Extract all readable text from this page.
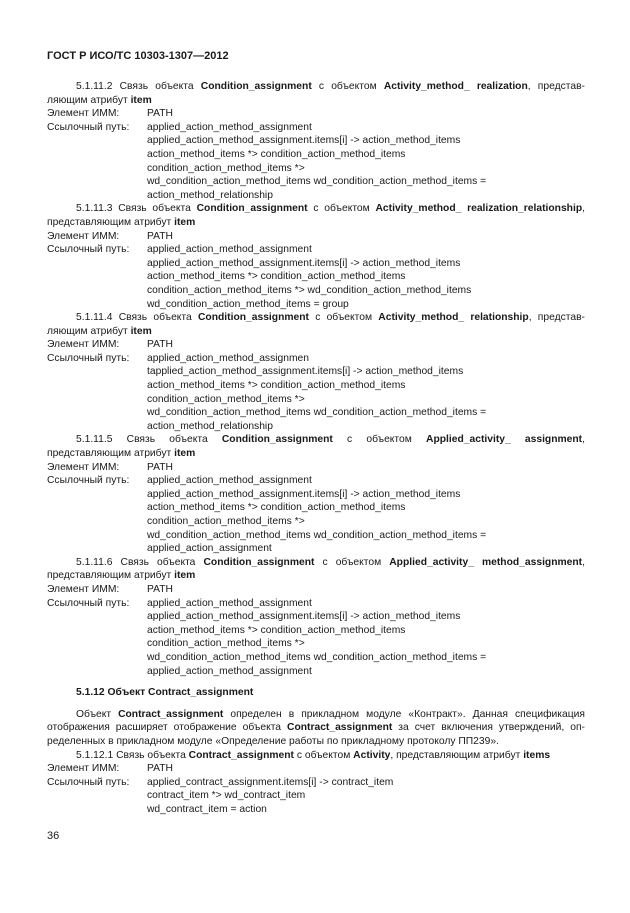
ГОСТ Р ИСО/ТС 10303-1307—2012

5.1.11.2 Связь объекта Condition_assignment с объектом Activity_method_ realization, представ-ляющим атрибут item

Элемент ИММ:	PATH
Ссылочный путь:	applied_action_method_assignment
applied_action_method_assignment.items[i] -> action_method_items
action_method_items *> condition_action_method_items
condition_action_method_items *>
wd_condition_action_method_items wd_condition_action_method_items =
action_method_relationship

5.1.11.3 Связь объекта Condition_assignment с объектом Activity_method_ realization_relationship, представляющим атрибут item

Элемент ИММ:	PATH
Ссылочный путь:	applied_action_method_assignment
applied_action_method_assignment.items[i] -> action_method_items
action_method_items *> condition_action_method_items
condition_action_method_items *> wd_condition_action_method_items
wd_condition_action_method_items = group

5.1.11.4 Связь объекта Condition_assignment с объектом Activity_method_ relationship, представ-ляющим атрибут item

Элемент ИММ:	PATH
Ссылочный путь:	applied_action_method_assignmen
tapplied_action_method_assignment.items[i] -> action_method_items
action_method_items *> condition_action_method_items
condition_action_method_items *>
wd_condition_action_method_items wd_condition_action_method_items =
action_method_relationship

5.1.11.5 Связь объекта Condition_assignment с объектом Applied_activity_ assignment, представляющим атрибут item

Элемент ИММ:	PATH
Ссылочный путь:	applied_action_method_assignment
applied_action_method_assignment.items[i] -> action_method_items
action_method_items *> condition_action_method_items
condition_action_method_items *>
wd_condition_action_method_items wd_condition_action_method_items =
applied_action_assignment

5.1.11.6 Связь объекта Condition_assignment с объектом Applied_activity_ method_assignment, представляющим атрибут item

Элемент ИММ:	PATH
Ссылочный путь:	applied_action_method_assignment
applied_action_method_assignment.items[i] -> action_method_items
action_method_items *> condition_action_method_items
condition_action_method_items *>
wd_condition_action_method_items wd_condition_action_method_items =
applied_action_method_assignment
5.1.12 Объект Contract_assignment

Объект Contract_assignment определен в прикладном модуле «Контракт». Данная спецификация отображения расширяет отображение объекта Contract_assignment за счет включения утверждений, оп-ределенных в прикладном модуле «Определение работы по прикладному протоколу ПП239».

5.1.12.1 Связь объекта Contract_assignment с объектом Activity, представляющим атрибут items

Элемент ИММ:	PATH
Ссылочный путь:	applied_contract_assignment.items[i] -> contract_item
contract_item *> wd_contract_item
wd_contract_item = action
36
